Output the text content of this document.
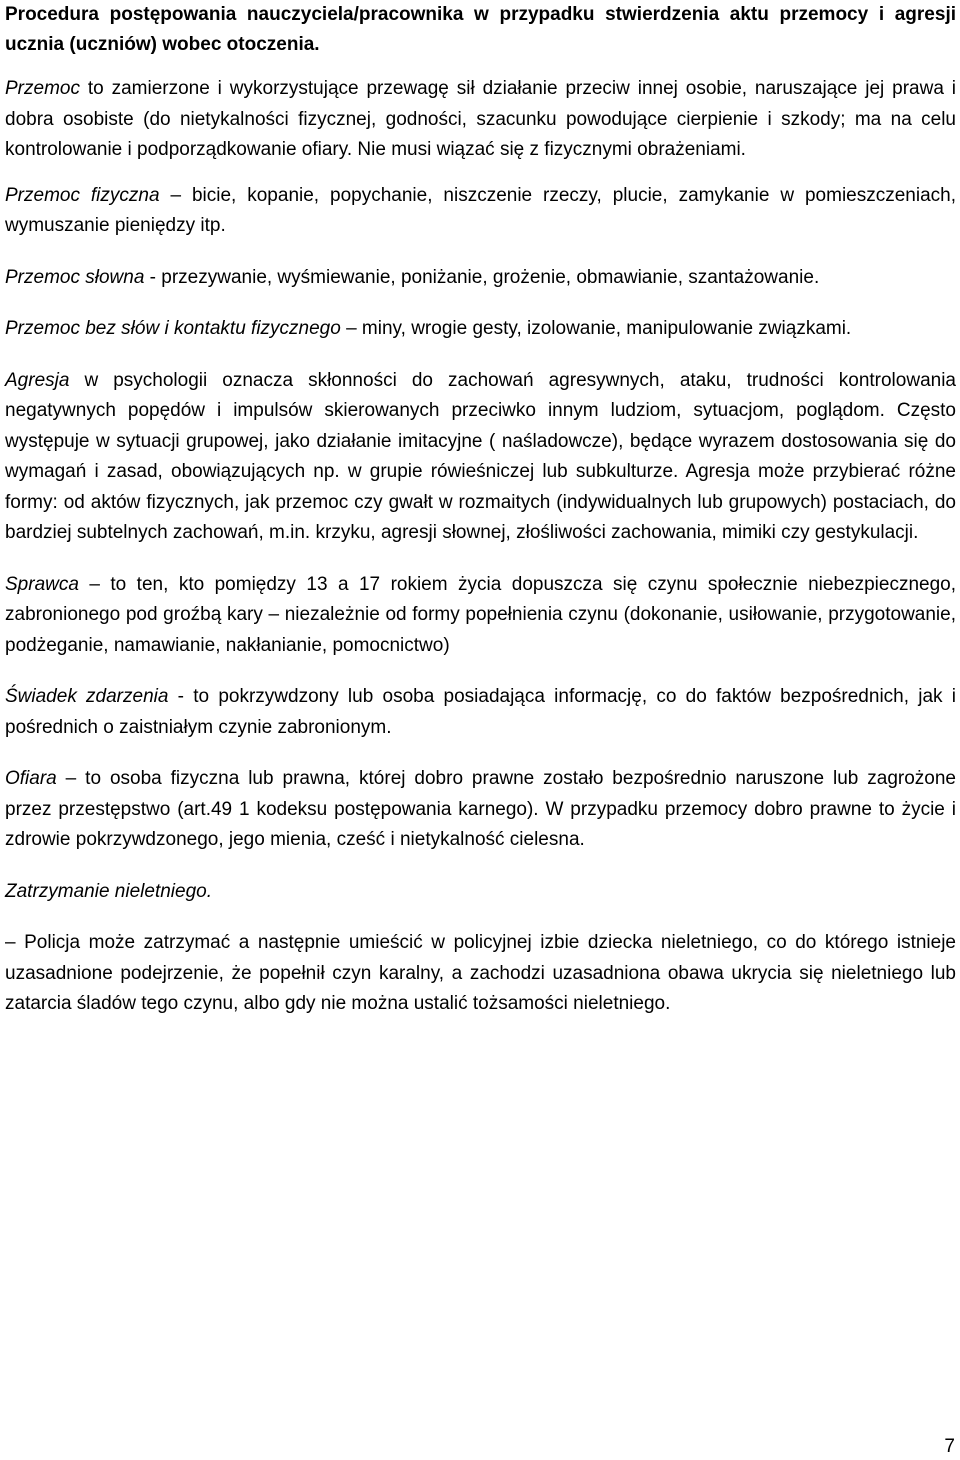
Procedura postępowania nauczyciela/pracownika w przypadku stwierdzenia aktu przemocy i agresji ucznia (uczniów) wobec otoczenia.

Przemoc to zamierzone i wykorzystujące przewagę sił działanie przeciw innej osobie, naruszające jej prawa i dobra osobiste (do nietykalności fizycznej, godności, szacunku powodujące cierpienie i szkody; ma na celu kontrolowanie i podporządkowanie ofiary. Nie musi wiązać się z fizycznymi obrażeniami.

Przemoc fizyczna – bicie, kopanie, popychanie, niszczenie rzeczy, plucie, zamykanie w pomieszczeniach, wymuszanie pieniędzy itp.

Przemoc słowna - przezywanie, wyśmiewanie, poniżanie, grożenie, obmawianie, szantażowanie.

Przemoc bez słów i kontaktu fizycznego – miny, wrogie gesty, izolowanie, manipulowanie związkami.

Agresja w psychologii oznacza skłonności do zachowań agresywnych, ataku, trudności kontrolowania negatywnych popędów i impulsów skierowanych przeciwko innym ludziom, sytuacjom, poglądom. Często występuje w sytuacji grupowej, jako działanie imitacyjne ( naśladowcze), będące wyrazem dostosowania się do wymagań i zasad, obowiązujących np. w grupie rówieśniczej lub subkulturze. Agresja może przybierać różne formy: od aktów fizycznych, jak przemoc czy gwałt w rozmaitych (indywidualnych lub grupowych) postaciach, do bardziej subtelnych zachowań, m.in. krzyku, agresji słownej, złośliwości zachowania, mimiki czy gestykulacji.

Sprawca – to ten, kto pomiędzy 13 a 17 rokiem życia dopuszcza się czynu społecznie niebezpiecznego, zabronionego pod groźbą kary – niezależnie od formy popełnienia czynu (dokonanie, usiłowanie, przygotowanie, podżeganie, namawianie, nakłanianie, pomocnictwo)

Świadek zdarzenia - to pokrzywdzony lub osoba posiadająca informację, co do faktów bezpośrednich, jak i pośrednich o zaistniałym czynie zabronionym.

Ofiara – to osoba fizyczna lub prawna, której dobro prawne zostało bezpośrednio naruszone lub zagrożone przez przestępstwo (art.49 1 kodeksu postępowania karnego). W przypadku przemocy dobro prawne to życie i zdrowie pokrzywdzonego, jego mienia, cześć i nietykalność cielesna.

Zatrzymanie nieletniego.

– Policja może zatrzymać a następnie umieścić w policyjnej izbie dziecka nieletniego, co do którego istnieje uzasadnione podejrzenie, że popełnił czyn karalny, a zachodzi uzasadniona obawa ukrycia się nieletniego lub zatarcia śladów tego czynu, albo gdy nie można ustalić tożsamości nieletniego.

7
